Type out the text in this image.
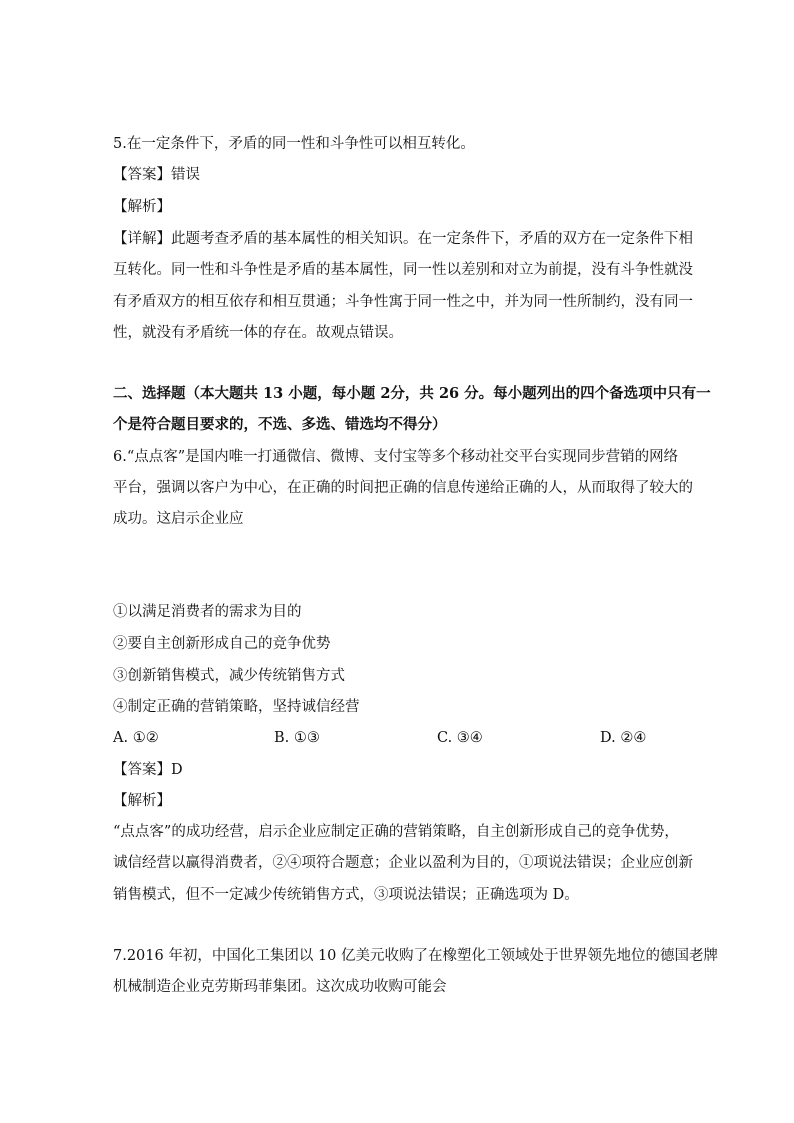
5.在一定条件下，矛盾的同一性和斗争性可以相互转化。
【答案】错误
【解析】
【详解】此题考查矛盾的基本属性的相关知识。在一定条件下，矛盾的双方在一定条件下相
互转化。同一性和斗争性是矛盾的基本属性，同一性以差别和对立为前提，没有斗争性就没
有矛盾双方的相互依存和相互贯通；斗争性寓于同一性之中，并为同一性所制约，没有同一
性，就没有矛盾统一体的存在。故观点错误。
二、选择题（本大题共 13 小题，每小题 2分，共 26 分。每小题列出的四个备选项中只有一
个是符合题目要求的，不选、多选、错选均不得分）
6.“点点客”是国内唯一打通微信、微博、支付宝等多个移动社交平台实现同步营销的网络
平台，强调以客户为中心，在正确的时间把正确的信息传递给正确的人，从而取得了较大的
成功。这启示企业应
①以满足消费者的需求为目的
②要自主创新形成自己的竞争优势
③创新销售模式，减少传统销售方式
④制定正确的营销策略，坚持诚信经营
A. ①②	B. ①③	C. ③④	D. ②④
【答案】D
【解析】
“点点客”的成功经营，启示企业应制定正确的营销策略，自主创新形成自己的竞争优势，
诚信经营以赢得消费者，②④项符合题意；企业以盈利为目的，①项说法错误；企业应创新
销售模式，但不一定减少传统销售方式，③项说法错误；正确选项为 D。
7.2016 年初，中国化工集团以 10 亿美元收购了在橡塑化工领域处于世界领先地位的德国老牌
机械制造企业克劳斯玛菲集团。这次成功收购可能会
